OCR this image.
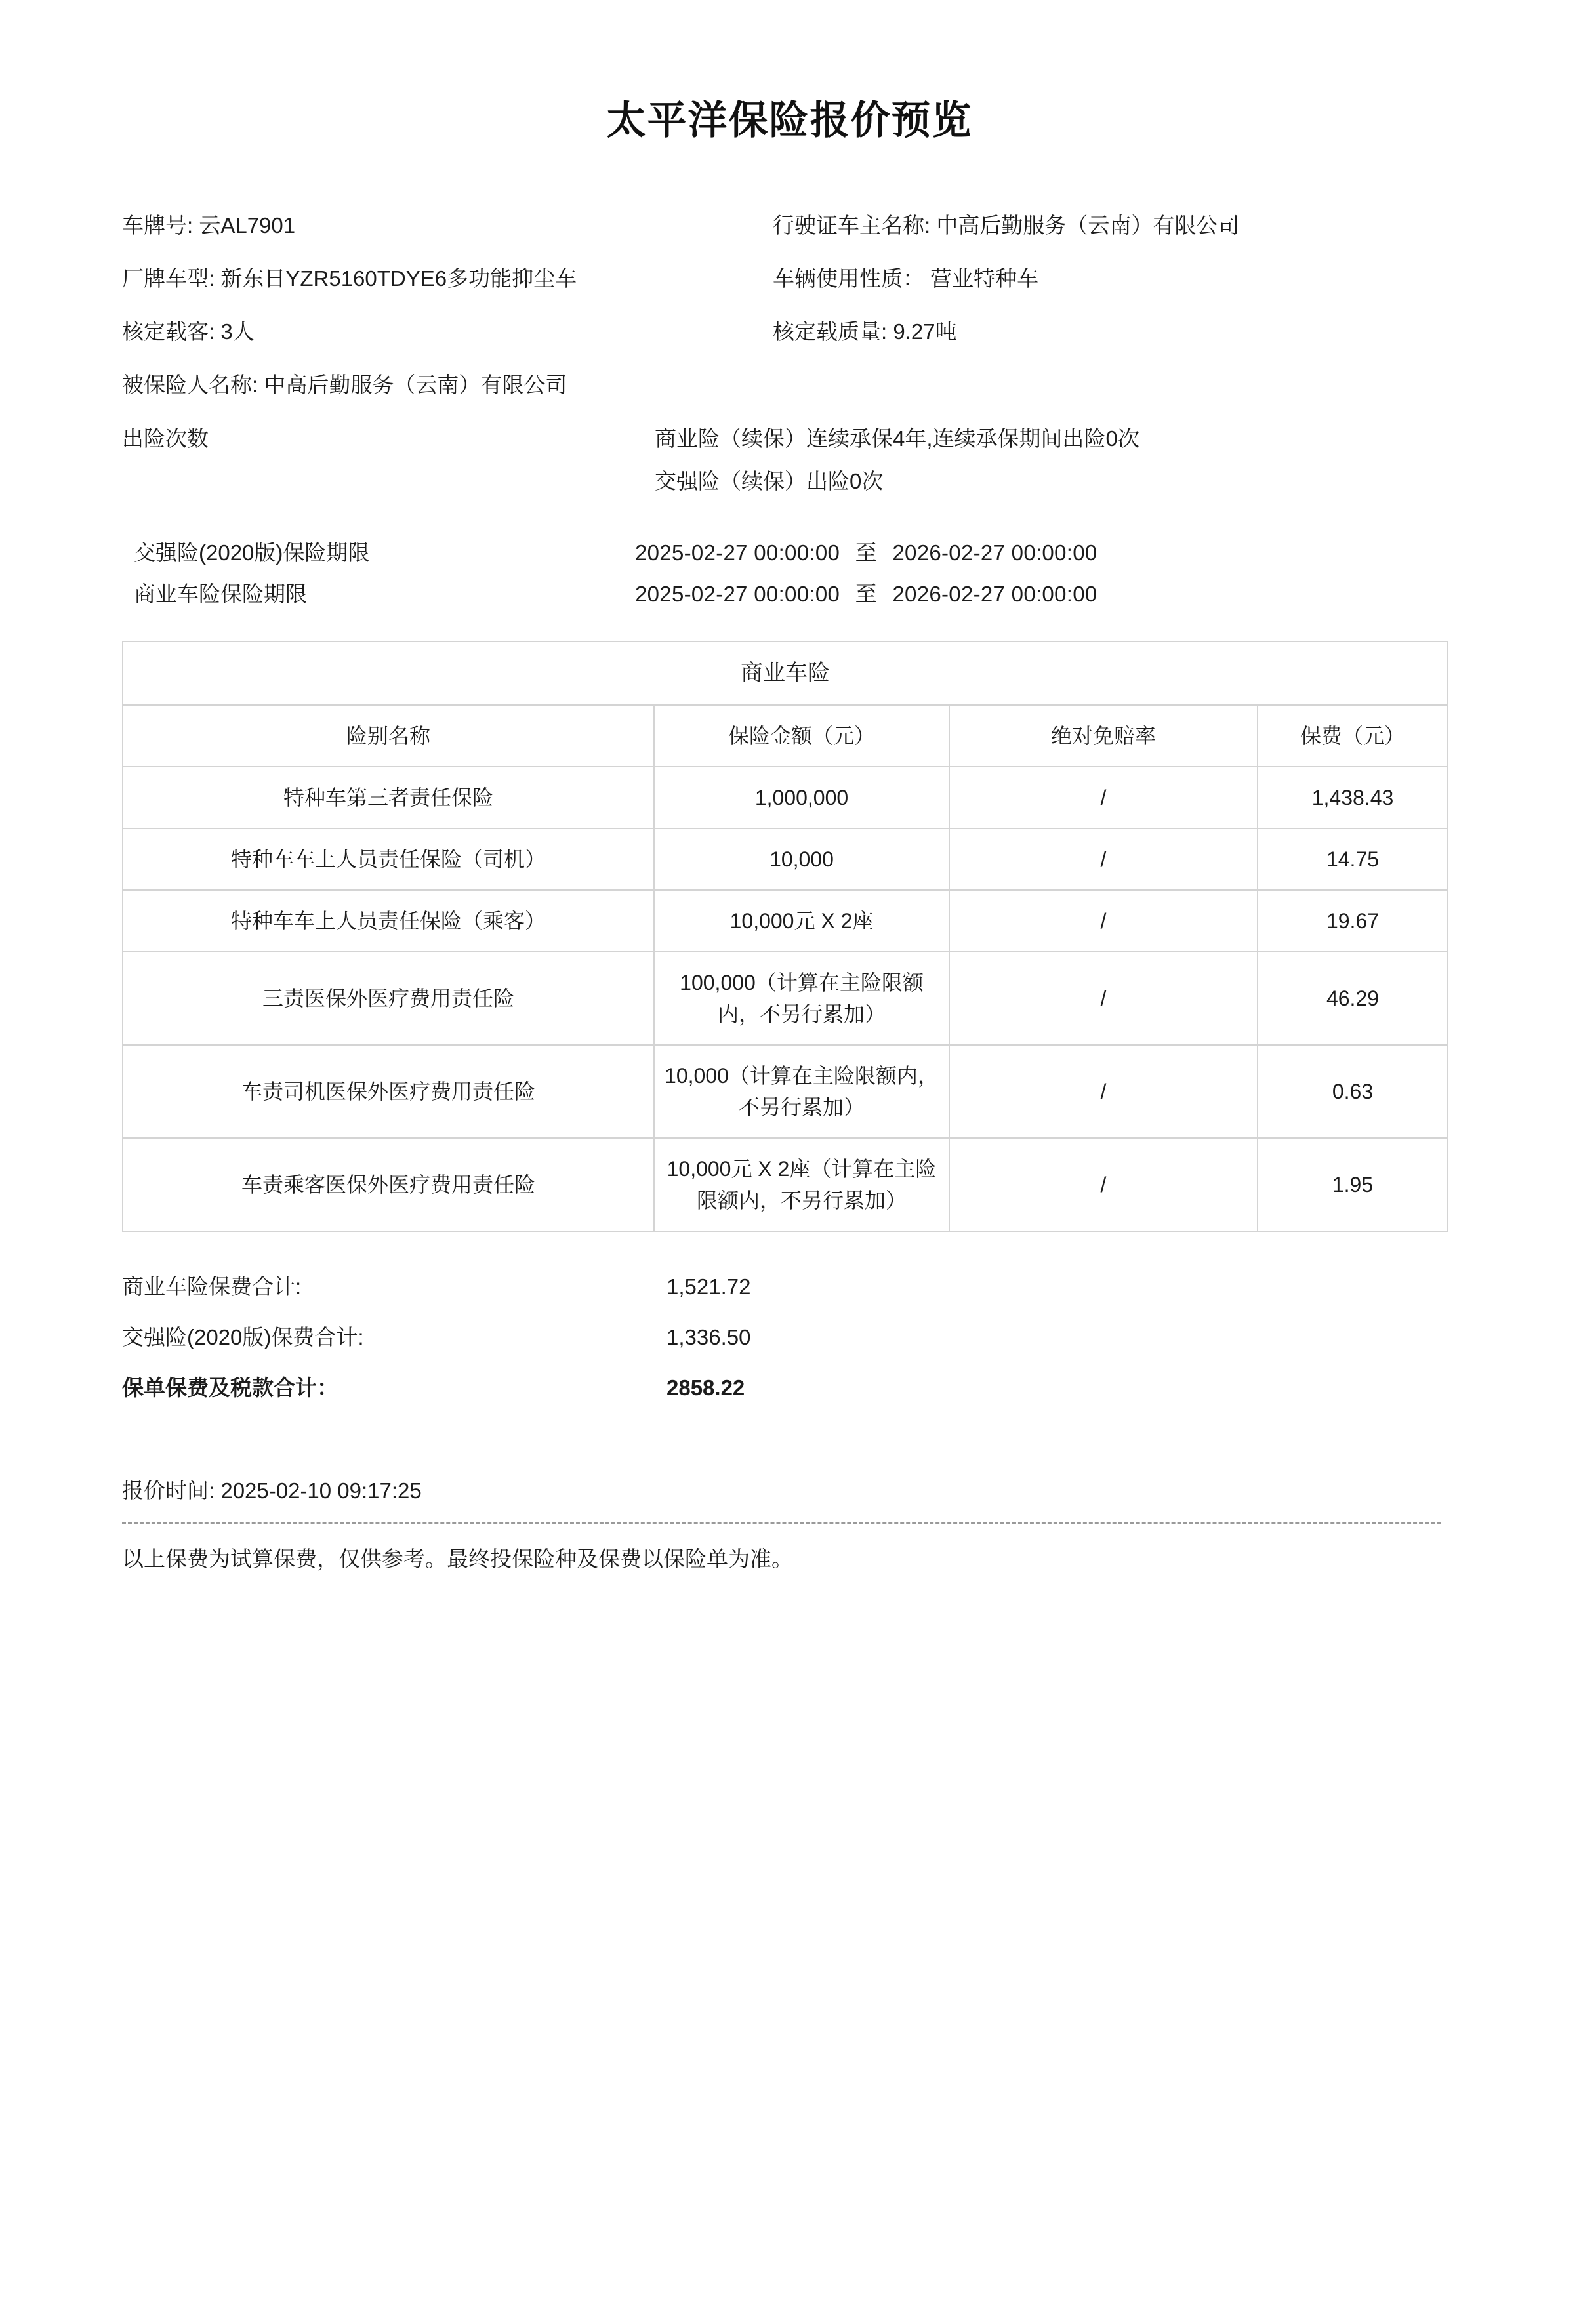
太平洋保险报价预览
车牌号: 云AL7901	行驶证车主名称: 中高后勤服务（云南）有限公司
厂牌车型: 新东日YZR5160TDYE6多功能抑尘车	车辆使用性质： 营业特种车
核定载客: 3人	核定载质量: 9.27吨
被保险人名称: 中高后勤服务（云南）有限公司
出险次数	商业险（续保）连续承保4年,连续承保期间出险0次
交强险（续保）出险0次
交强险(2020版)保险期限	2025-02-27 00:00:00 至 2026-02-27 00:00:00
商业车险保险期限	2025-02-27 00:00:00 至 2026-02-27 00:00:00
商业车险			
险别名称	保险金额（元）	绝对免赔率	保费（元）
特种车第三者责任保险	1,000,000	/	1,438.43
特种车车上人员责任保险（司机）	10,000	/	14.75
特种车车上人员责任保险（乘客）	10,000元 X 2座	/	19.67
三责医保外医疗费用责任险	100,000（计算在主险限额内，不另行累加）	/	46.29
车责司机医保外医疗费用责任险	10,000（计算在主险限额内，不另行累加）	/	0.63
车责乘客医保外医疗费用责任险	10,000元 X 2座（计算在主险限额内，不另行累加）	/	1.95
商业车险保费合计:	1,521.72
交强险(2020版)保费合计:	1,336.50
保单保费及税款合计：	2858.22
报价时间: 2025-02-10 09:17:25
以上保费为试算保费，仅供参考。最终投保险种及保费以保险单为准。
